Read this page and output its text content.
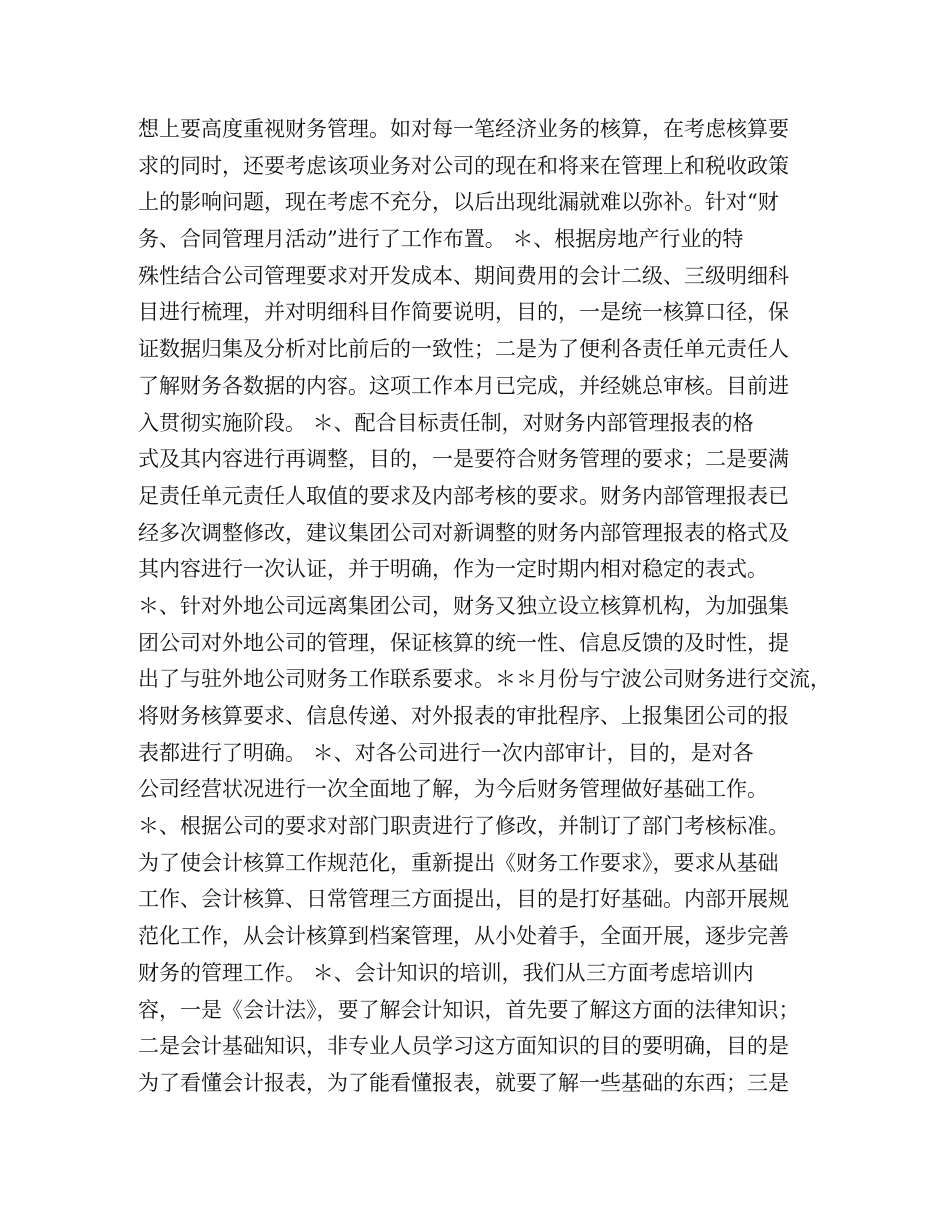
想上要高度重视财务管理。如对每一笔经济业务的核算，在考虑核算要
求的同时，还要考虑该项业务对公司的现在和将来在管理上和税收政策
上的影响问题，现在考虑不充分，以后出现纰漏就难以弥补。针对“财
务、合同管理月活动”进行了工作布置。 ＊、根据房地产行业的特
殊性结合公司管理要求对开发成本、期间费用的会计二级、三级明细科
目进行梳理，并对明细科目作简要说明，目的，一是统一核算口径，保
证数据归集及分析对比前后的一致性；二是为了便利各责任单元责任人
了解财务各数据的内容。这项工作本月已完成，并经姚总审核。目前进
入贯彻实施阶段。 ＊、配合目标责任制，对财务内部管理报表的格
式及其内容进行再调整，目的，一是要符合财务管理的要求；二是要满
足责任单元责任人取值的要求及内部考核的要求。财务内部管理报表已
经多次调整修改，建议集团公司对新调整的财务内部管理报表的格式及
其内容进行一次认证，并于明确，作为一定时期内相对稳定的表式。
＊、针对外地公司远离集团公司，财务又独立设立核算机构，为加强集
团公司对外地公司的管理，保证核算的统一性、信息反馈的及时性，提
出了与驻外地公司财务工作联系要求。＊＊月份与宁波公司财务进行交流，
将财务核算要求、信息传递、对外报表的审批程序、上报集团公司的报
表都进行了明确。 ＊、对各公司进行一次内部审计，目的，是对各
公司经营状况进行一次全面地了解，为今后财务管理做好基础工作。
＊、根据公司的要求对部门职责进行了修改，并制订了部门考核标准。
为了使会计核算工作规范化，重新提出《财务工作要求》，要求从基础
工作、会计核算、日常管理三方面提出，目的是打好基础。内部开展规
范化工作，从会计核算到档案管理，从小处着手，全面开展，逐步完善
财务的管理工作。 ＊、会计知识的培训，我们从三方面考虑培训内
容，一是《会计法》，要了解会计知识，首先要了解这方面的法律知识；
二是会计基础知识，非专业人员学习这方面知识的目的要明确，目的是
为了看懂会计报表，为了能看懂报表，就要了解一些基础的东西；三是
